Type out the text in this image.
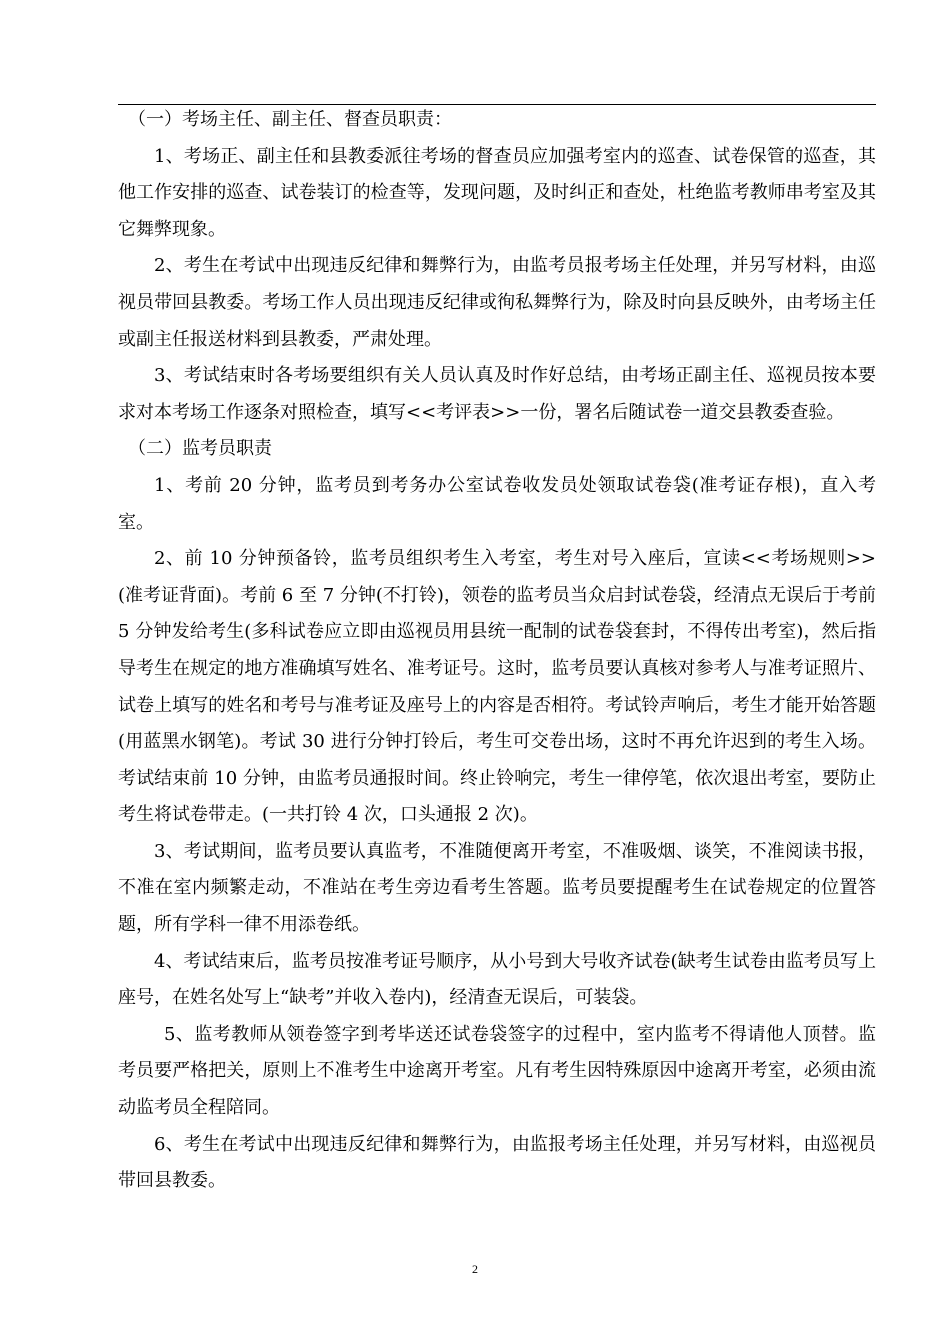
（一）考场主任、副主任、督查员职责：

1、考场正、副主任和县教委派往考场的督查员应加强考室内的巡查、试卷保管的巡查，其他工作安排的巡查、试卷装订的检查等，发现问题，及时纠正和查处，杜绝监考教师串考室及其它舞弊现象。

2、考生在考试中出现违反纪律和舞弊行为，由监考员报考场主任处理，并另写材料，由巡视员带回县教委。考场工作人员出现违反纪律或徇私舞弊行为，除及时向县反映外，由考场主任或副主任报送材料到县教委，严肃处理。

3、考试结束时各考场要组织有关人员认真及时作好总结，由考场正副主任、巡视员按本要求对本考场工作逐条对照检查，填写<<考评表>>一份，署名后随试卷一道交县教委查验。

（二）监考员职责

1、考前 20 分钟，监考员到考务办公室试卷收发员处领取试卷袋(准考证存根)，直入考室。

2、前 10 分钟预备铃，监考员组织考生入考室，考生对号入座后，宣读<<考场规则>>(准考证背面)。考前 6 至 7 分钟(不打铃)，领卷的监考员当众启封试卷袋，经清点无误后于考前 5 分钟发给考生(多科试卷应立即由巡视员用县统一配制的试卷袋套封，不得传出考室)，然后指导考生在规定的地方准确填写姓名、准考证号。这时，监考员要认真核对参考人与准考证照片、试卷上填写的姓名和考号与准考证及座号上的内容是否相符。考试铃声响后，考生才能开始答题(用蓝黑水钢笔)。考试 30 进行分钟打铃后，考生可交卷出场，这时不再允许迟到的考生入场。考试结束前 10 分钟，由监考员通报时间。终止铃响完，考生一律停笔，依次退出考室，要防止考生将试卷带走。(一共打铃 4 次，口头通报 2 次)。

3、考试期间，监考员要认真监考，不准随便离开考室，不准吸烟、谈笑，不准阅读书报，不准在室内频繁走动，不准站在考生旁边看考生答题。监考员要提醒考生在试卷规定的位置答题，所有学科一律不用添卷纸。

4、考试结束后，监考员按准考证号顺序，从小号到大号收齐试卷(缺考生试卷由监考员写上座号，在姓名处写上“缺考”并收入卷内)，经清查无误后，可装袋。

5、监考教师从领卷签字到考毕送还试卷袋签字的过程中，室内监考不得请他人顶替。监考员要严格把关，原则上不准考生中途离开考室。凡有考生因特殊原因中途离开考室，必须由流动监考员全程陪同。

6、考生在考试中出现违反纪律和舞弊行为，由监报考场主任处理，并另写材料，由巡视员带回县教委。

2
